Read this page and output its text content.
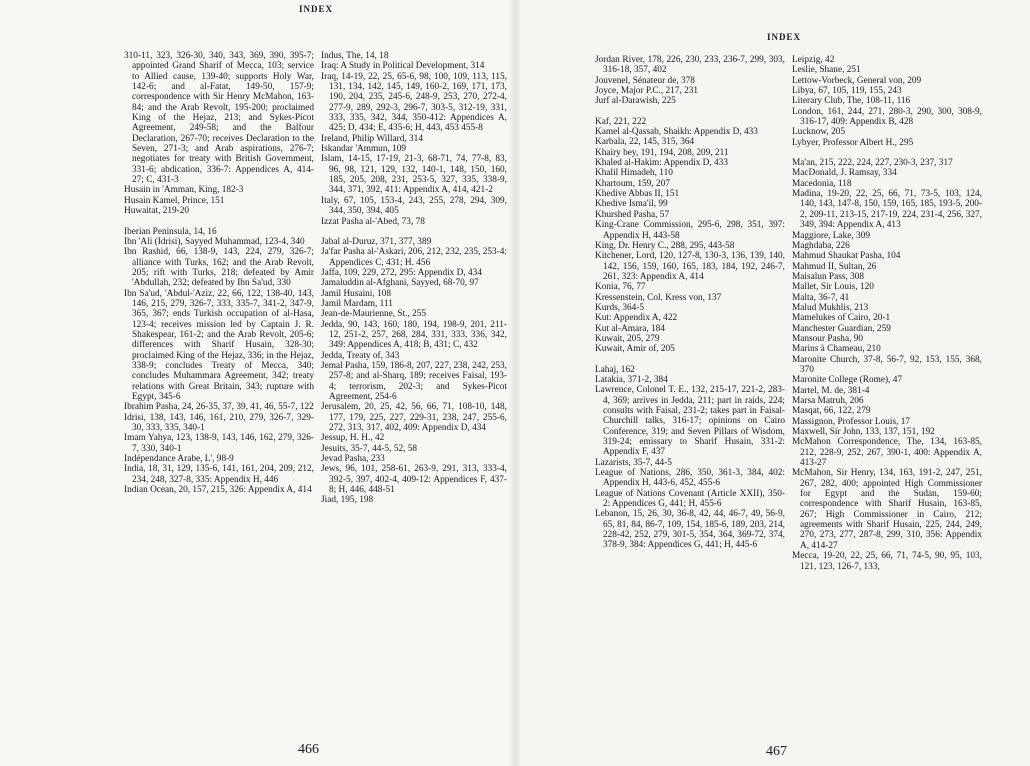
INDEX

310-11, 323, 326-30, 340, 343, 369, 390, 395-7; appointed Grand Sharif of Mecca, 103; service to Allied cause, 139-40; supports Holy War, 142-6; and al-Fatat, 149-50, 157-9; correspondence with Sir Henry McMahon, 163-84; and the Arab Revolt, 195-200; proclaimed King of the Hejaz, 213; and Sykes-Picot Agreement, 249-58; and the Balfour Declaration, 267-70; receives Declaration to the Seven, 271-3; and Arab aspirations, 276-7; negotiates for treaty with British Government, 331-6; abdication, 336-7: Appendices A, 414-27; C, 431-3

Husain in 'Amman, King, 182-3

Husain Kamel, Prince, 151

Huwaitat, 219-20

Iberian Peninsula, 14, 16

Ibn 'Ali (Idrisi), Sayyed Muhammad, 123-4, 340

Ibn Rashid, 66, 138-9, 143, 224, 279, 326-7; alliance with Turks, 162; and the Arab Revolt, 205; rift with Turks, 218; defeated by Amir 'Abdullah, 232; defeated by Ibn Sa'ud, 330

Ibn Sa'ud, 'Abdul-'Aziz, 22, 66, 122, 138-40, 143, 146, 215, 279, 326-7, 333, 335-7, 341-2, 347-9, 365, 367; ends Turkish occupation of al-Hasa, 123-4; receives mission led by Captain J. R. Shakespear, 161-2; and the Arab Revolt, 205-6; differences with Sharif Husain, 328-30; proclaimed King of the Hejaz, 336; in the Hejaz, 338-9; concludes Treaty of Mecca, 340; concludes Muhammara Agreement, 342; treaty relations with Great Britain, 343; rupture with Egypt, 345-6

Ibrahim Pasha, 24, 26-35, 37, 39, 41, 46, 55-7, 122

Idrisi, 138, 143, 146, 161, 210, 279, 326-7, 329-30, 333, 335, 340-1

Imam Yahya, 123, 138-9, 143, 146, 162, 279, 326-7, 330, 340-1

Indépendance Arabe, L', 98-9

India, 18, 31, 129, 135-6, 141, 161, 204, 209, 212, 234, 248, 327-8, 335: Appendix H, 446

Indian Ocean, 20, 157, 215, 326: Appendix A, 414

Indus, The, 14, 18

Iraq: A Study in Political Development, 314

Iraq, 14-19, 22, 25, 65-6, 98, 100, 109, 113, 115, 131, 134, 142, 145, 149, 160-2, 169, 171, 173, 190, 204, 235, 245-6, 248-9, 253, 270, 272-4, 277-9, 289, 292-3, 296-7, 303-5, 312-19, 331, 333, 335, 342, 344, 350-412: Appendices A, 425; D, 434; E, 435-6; H, 443, 453 455-8

Ireland, Philip Willard, 314

Iskandar 'Ammun, 109

Islam, 14-15, 17-19, 21-3, 68-71, 74, 77-8, 83, 96, 98, 121, 129, 132, 140-1, 148, 150, 160, 185, 205, 208, 231, 253-5, 327, 335, 338-9, 344, 371, 392, 411: Appendix A, 414, 421-2

Italy, 67, 105, 153-4, 243, 255, 278, 294, 309, 344, 350, 394, 405

Izzat Pasha al-'Abed, 73, 78

Jabal al-Duruz, 371, 377, 389

Ja'far Pasha al-'Askari, 206, 212, 232, 235, 253-4: Appendices C, 431; H. 456

Jaffa, 109, 229, 272, 295: Appendix D, 434

Jamaluddin al-Afghani, Sayyed, 68-70, 97

Jamil Husaini, 108

Jamil Mardam, 111

Jean-de-Maurienne, St., 255

Jedda, 90, 143, 160, 180, 194, 198-9, 201, 211-12, 251-2, 257, 268, 284, 331, 333, 336, 342, 349: Appendices A, 418; B, 431; C, 432

Jedda, Treaty of, 343

Jemal Pasha, 159, 186-8, 207, 227, 238, 242, 253, 257-8; and al-Sharq, 189; receives Faisal, 193-4; terrorism, 202-3; and Sykes-Picot Agreement, 254-6

Jerusalem, 20, 25, 42, 56, 66, 71, 108-10, 148, 177, 179, 225, 227, 229-31, 238, 247, 255-6, 272, 313, 317, 402, 409: Appendix D, 434

Jessup, H. H., 42

Jesuits, 35-7, 44-5, 52, 58

Jevad Pasha, 233

Jews, 96, 101, 258-61, 263-9, 291, 313, 333-4, 392-5, 397, 402-4, 409-12: Appendices F, 437-8; H, 446, 448-51

Jiad, 195, 198

466
INDEX

Jordan River, 178, 226, 230, 233, 236-7, 299, 303, 316-18, 357, 402

Jouvenel, Sénateur de, 378

Joyce, Major P.C., 217, 231

Jurf al-Darawish, 225

Kaf, 221, 222

Kamel al-Qassab, Shaikh: Appendix D, 433

Karbala, 22, 145, 315, 364

Khairy bey, 191, 194, 208, 209, 211

Khaled al-Hakim: Appendix D, 433

Khalil Himadeh, 110

Khartoum, 159, 207

Khedive Abbas II, 151

Khedive Isma'il, 99

Khurshed Pasha, 57

King-Crane Commission, 295-6, 298, 351, 397: Appendix H, 443-58

King, Dr. Henry C., 288, 295, 443-58

Kitchener, Lord, 120, 127-8, 130-3, 136, 139, 140, 142, 156, 159, 160, 165, 183, 184, 192, 246-7, 261, 323: Appendix A, 414

Konia, 76, 77

Kressenstein, Col. Kress von, 137

Kurds, 364-5

Kut: Appendix A, 422

Kut al-Amara, 184

Kuwait, 205, 279

Kuwait, Amir of, 205

Lahaj, 162

Latakia, 371-2, 384

Lawrence, Colonel T. E., 132, 215-17, 221-2, 283-4, 369; arrives in Jedda, 211; part in raids, 224; consults with Faisal, 231-2; takes part in Faisal-Churchill talks, 316-17; opinions on Cairo Conference, 319; and Seven Pillars of Wisdom, 319-24; emissary to Sharif Husain, 331-2: Appendix F, 437

Lazarists, 35-7, 44-5

League of Nations, 286, 350, 361-3, 384, 402: Appendix H, 443-6, 452, 455-6

League of Nations Covenant (Article XXII), 350-2: Appendices G, 441; H, 455-6

Lebanon, 15, 26, 30, 36-8, 42, 44, 46-7, 49, 56-9, 65, 81, 84, 86-7, 109, 154, 185-6, 189, 203, 214, 228-42, 252, 279, 301-5, 354, 364, 369-72, 374, 378-9, 384: Appendices G, 441; H, 445-6

Leipzig, 42

Leslie, Shane, 251

Lettow-Vorbeck, General von, 209

Libya, 67, 105, 119, 155, 243

Literary Club, The, 108-11, 116

London, 161, 244, 271, 280-3, 290, 300, 308-9, 316-17, 409: Appendix B, 428

Lucknow, 205

Lybyer, Professor Albert H., 295

Ma'an, 215, 222, 224, 227, 230-3, 237, 317

MacDonald, J. Ramsay, 334

Macedonia, 118

Madina, 19-20, 22, 25, 66, 71, 73-5, 103, 124, 140, 143, 147-8, 150, 159, 165, 185, 193-5, 200-2, 209-11, 213-15, 217-19, 224, 231-4, 256, 327, 349, 394: Appendix A, 413

Maggiore, Lake, 309

Maghdaba, 226

Mahmud Shaukat Pasha, 104

Mahmud II, Sultan, 26

Maisalun Pass, 308

Mallet, Sir Louis, 120

Malta, 36-7, 41

Malud Mukhlis, 213

Mamelukes of Cairo, 20-1

Manchester Guardian, 259

Mansour Pasha, 90

Marins à Chameau, 210

Maronite Church, 37-8, 56-7, 92, 153, 155, 368, 370

Maronite College (Rome), 47

Martel, M. de, 381-4

Marsa Matruh, 206

Masqat, 66, 122, 279

Massignon, Professor Louis, 17

Maxwell, Sir John, 133, 137, 151, 192

McMahon Correspondence, The, 134, 163-85, 212, 228-9, 252, 267, 390-1, 400: Appendix A, 413-27

McMahon, Sir Henry, 134, 163, 191-2, 247, 251, 267, 282, 400; appointed High Commissioner for Egypt and the Sudan, 159-60; correspondence with Sharif Husain, 163-85, 267; High Commissioner in Cairo, 212; agreements with Sharif Husain, 225, 244, 249, 270, 273, 277, 287-8, 299, 310, 356: Appendix A, 414-27

Mecca, 19-20, 22, 25, 66, 71, 74-5, 90, 95, 103, 121, 123, 126-7, 133,

467
